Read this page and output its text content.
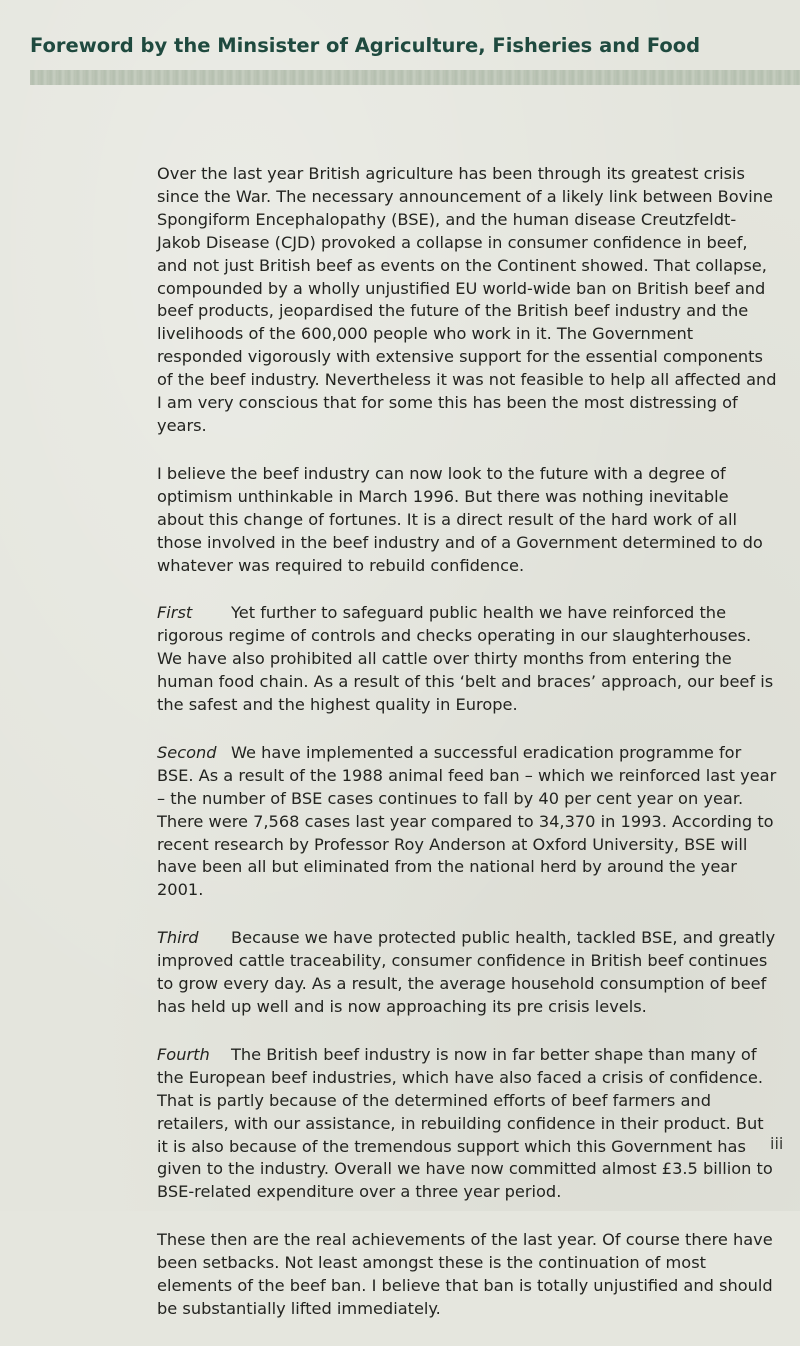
Foreword by the Minsister of Agriculture, Fisheries and Food

Over the last year British agriculture has been through its greatest crisis since the War. The necessary announcement of a likely link between Bovine Spongiform Encephalopathy (BSE), and the human disease Creutzfeldt-Jakob Disease (CJD) provoked a collapse in consumer confidence in beef, and not just British beef as events on the Continent showed. That collapse, compounded by a wholly unjustified EU world-wide ban on British beef and beef products, jeopardised the future of the British beef industry and the livelihoods of the 600,000 people who work in it. The Government responded vigorously with extensive support for the essential components of the beef industry. Nevertheless it was not feasible to help all affected and I am very conscious that for some this has been the most distressing of years.

I believe the beef industry can now look to the future with a degree of optimism unthinkable in March 1996. But there was nothing inevitable about this change of fortunes. It is a direct result of the hard work of all those involved in the beef industry and of a Government determined to do whatever was required to rebuild confidence.

First Yet further to safeguard public health we have reinforced the rigorous regime of controls and checks operating in our slaughterhouses. We have also prohibited all cattle over thirty months from entering the human food chain. As a result of this ‘belt and braces’ approach, our beef is the safest and the highest quality in Europe.

Second We have implemented a successful eradication programme for BSE. As a result of the 1988 animal feed ban – which we reinforced last year – the number of BSE cases continues to fall by 40 per cent year on year. There were 7,568 cases last year compared to 34,370 in 1993. According to recent research by Professor Roy Anderson at Oxford University, BSE will have been all but eliminated from the national herd by around the year 2001.

Third Because we have protected public health, tackled BSE, and greatly improved cattle traceability, consumer confidence in British beef continues to grow every day. As a result, the average household consumption of beef has held up well and is now approaching its pre crisis levels.

Fourth The British beef industry is now in far better shape than many of the European beef industries, which have also faced a crisis of confidence. That is partly because of the determined efforts of beef farmers and retailers, with our assistance, in rebuilding confidence in their product. But it is also because of the tremendous support which this Government has given to the industry. Overall we have now committed almost £3.5 billion to BSE-related expenditure over a three year period.

These then are the real achievements of the last year. Of course there have been setbacks. Not least amongst these is the continuation of most elements of the beef ban. I believe that ban is totally unjustified and should be substantially lifted immediately.

iii
